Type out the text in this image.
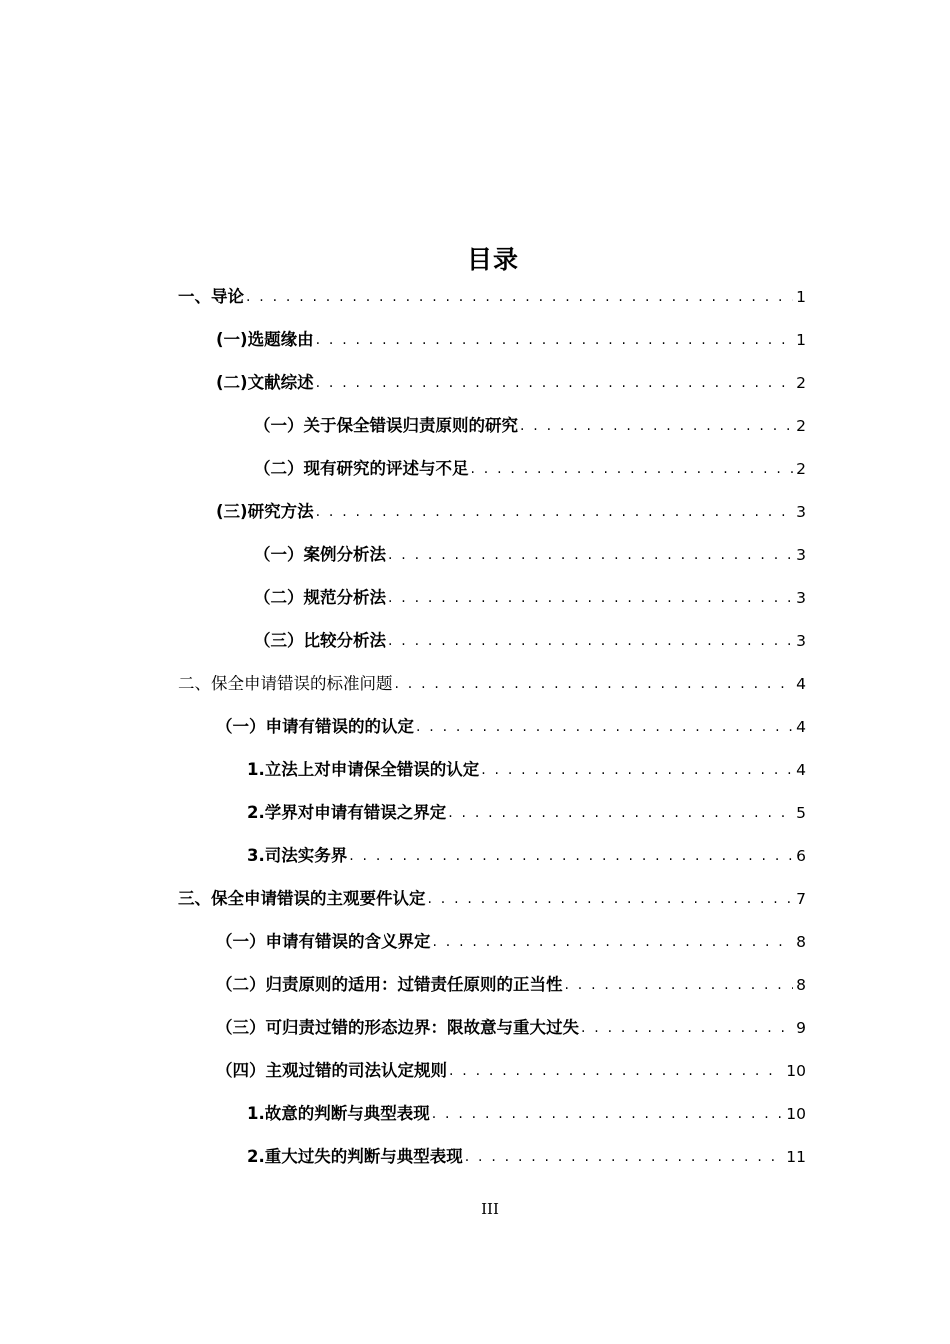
目录
一、导论 . . .	1
(一)选题缘由 . . .	1
(二)文献综述 . . .	2
（一）关于保全错误归责原则的研究 . . .	2
（二）现有研究的评述与不足 . . .	2
(三)研究方法 . . .	3
（一）案例分析法 . . .	3
（二）规范分析法 . . .	3
（三）比较分析法 . . .	3
二、保全申请错误的标准问题 . . .	4
（一）申请有错误的的认定 . . .	4
1.立法上对申请保全错误的认定 . . .	4
2.学界对申请有错误之界定 . . .	5
3.司法实务界 . . .	6
三、保全申请错误的主观要件认定 . . .	7
（一）申请有错误的含义界定 . . .	8
（二）归责原则的适用：过错责任原则的正当性 . . .	8
（三）可归责过错的形态边界：限故意与重大过失 . . .	9
（四）主观过错的司法认定规则 . . .	10
1.故意的判断与典型表现 . . .	10
2.重大过失的判断与典型表现 . . .	11
III
